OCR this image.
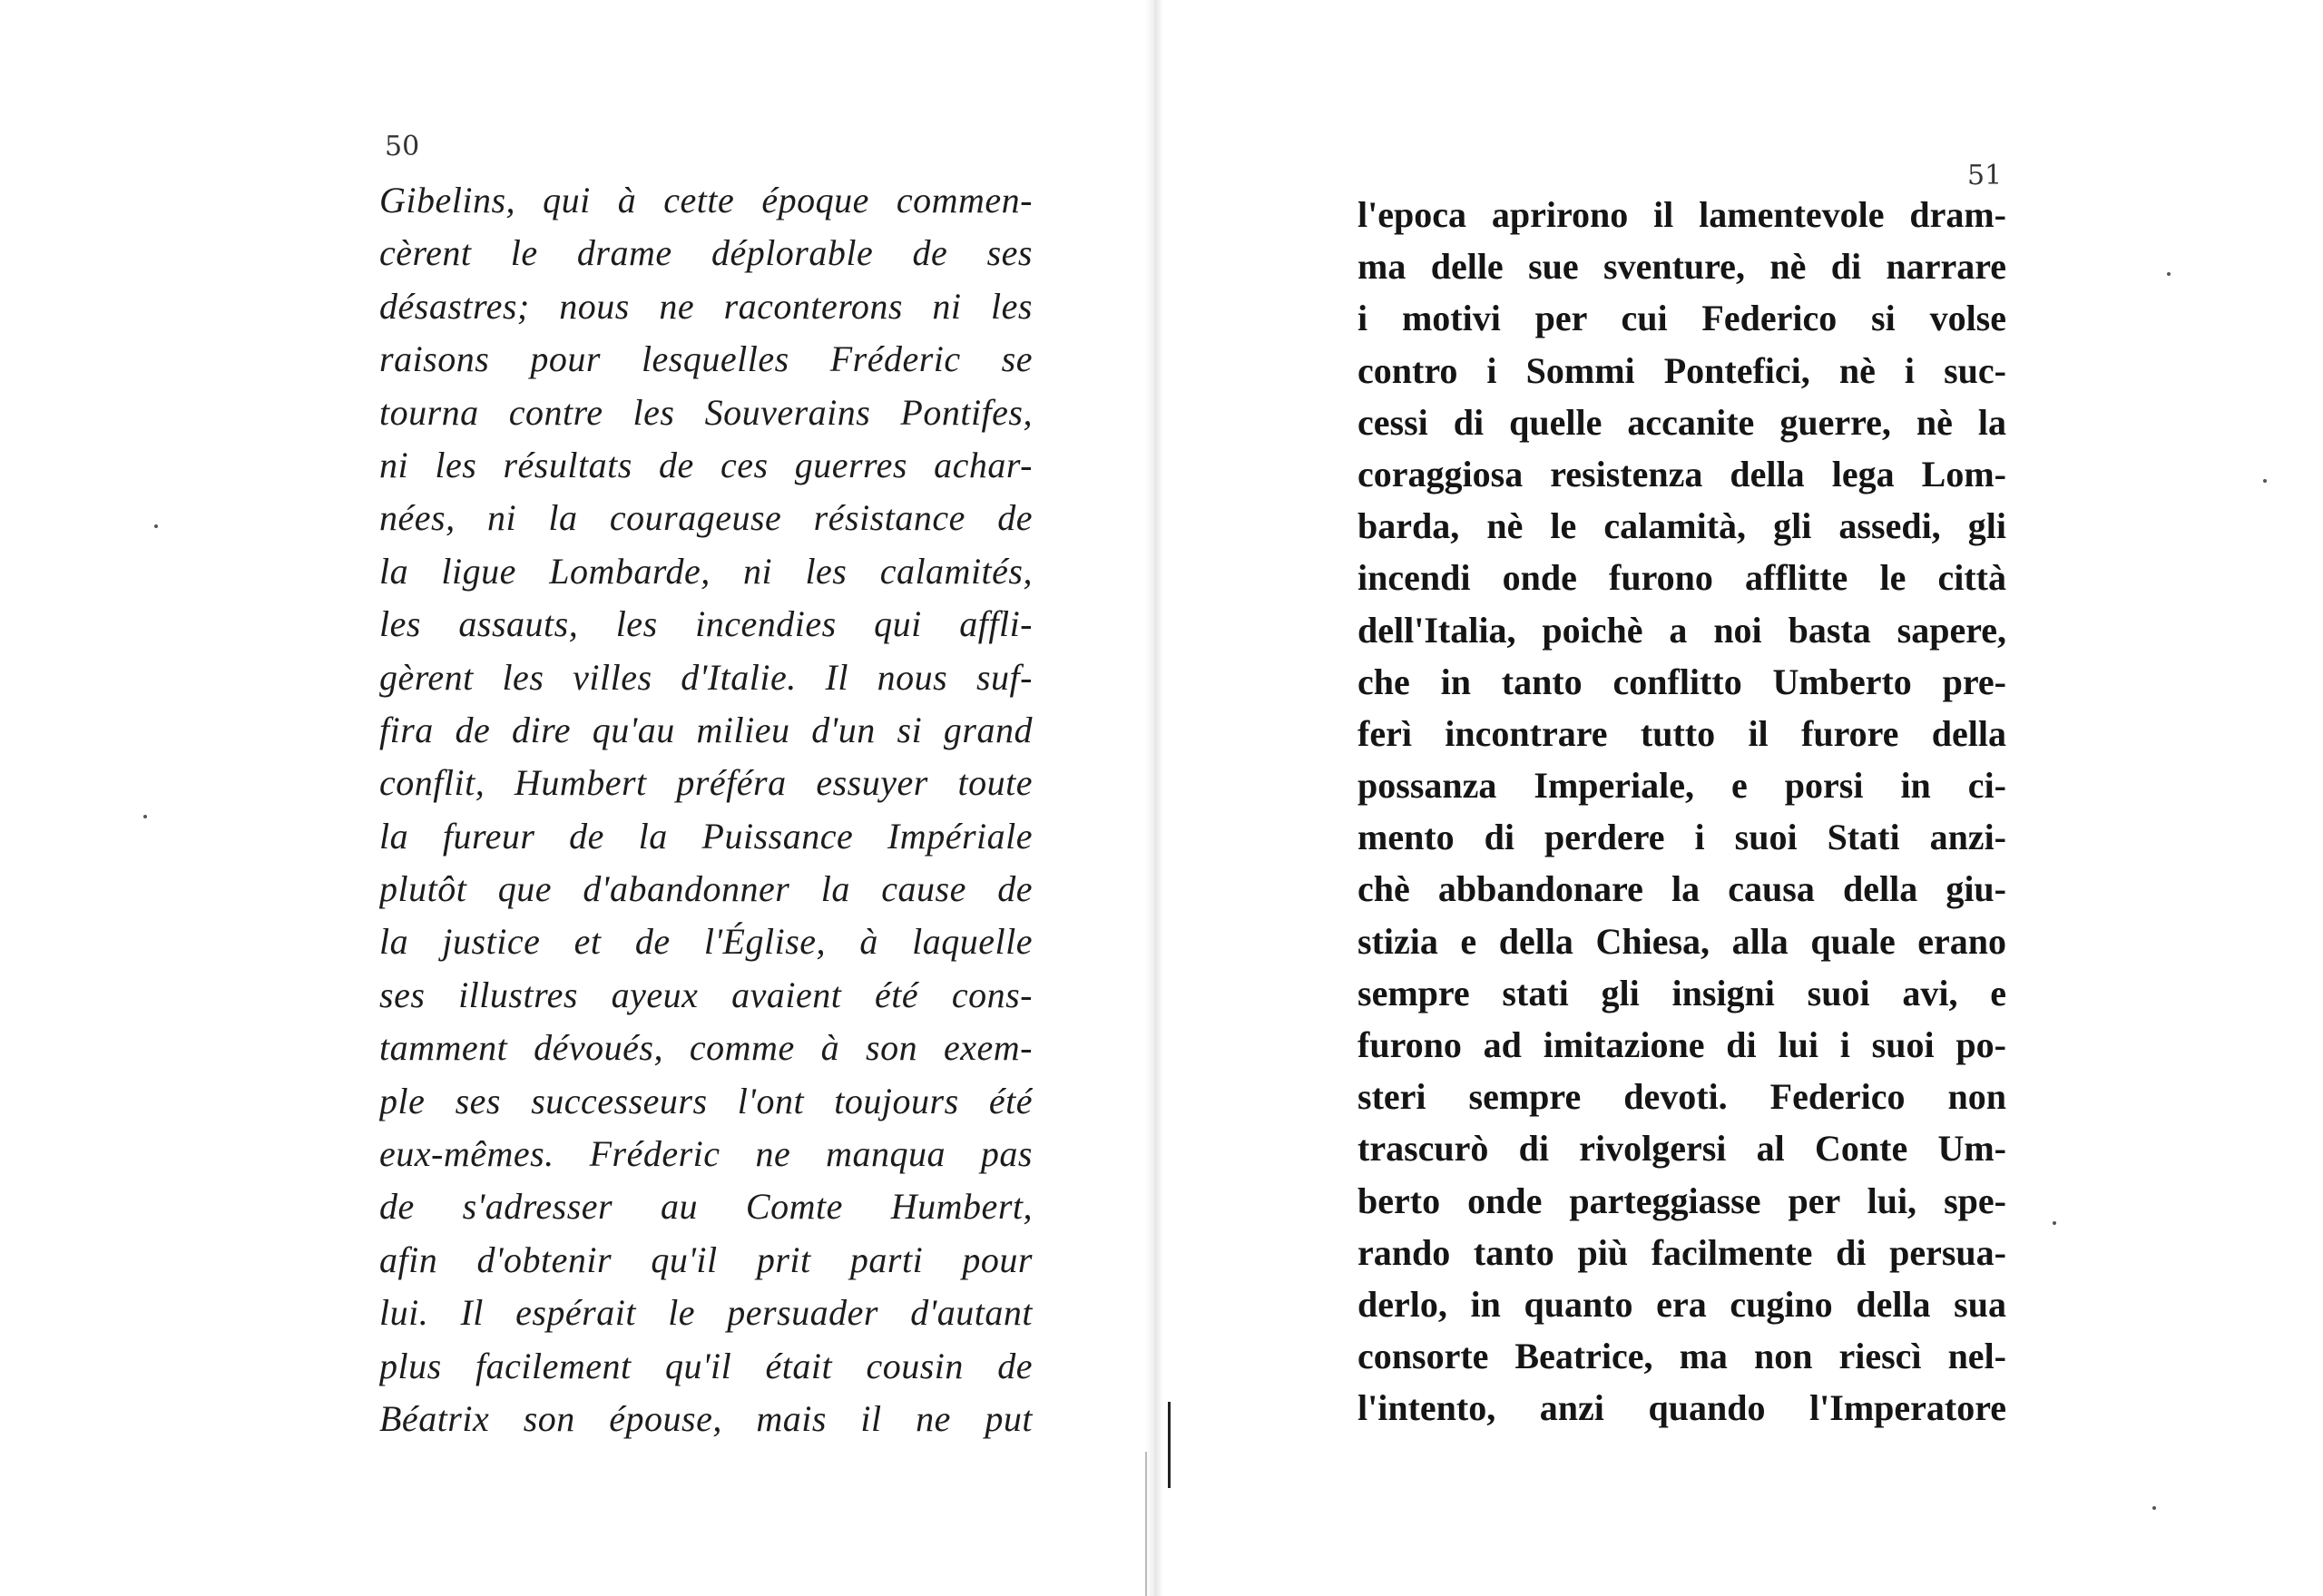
50
51
Gibelins, qui à cette époque commen-
cèrent le drame déplorable de ses
désastres; nous ne raconterons ni les
raisons pour lesquelles Fréderic se
tourna contre les Souverains Pontifes,
ni les résultats de ces guerres achar-
nées, ni la courageuse résistance de
la ligue Lombarde, ni les calamités,
les assauts, les incendies qui affli-
gèrent les villes d'Italie. Il nous suf-
fira de dire qu'au milieu d'un si grand
conflit, Humbert préféra essuyer toute
la fureur de la Puissance Impériale
plutôt que d'abandonner la cause de
la justice et de l'Église, à laquelle
ses illustres ayeux avaient été cons-
tamment dévoués, comme à son exem-
ple ses successeurs l'ont toujours été
eux-mêmes. Fréderic ne manqua pas
de s'adresser au Comte Humbert,
afin d'obtenir qu'il prit parti pour
lui. Il espérait le persuader d'autant
plus facilement qu'il était cousin de
Béatrix son épouse, mais il ne put
l'epoca aprirono il lamentevole dram-
ma delle sue sventure, nè di narrare
i motivi per cui Federico si volse
contro i Sommi Pontefici, nè i suc-
cessi di quelle accanite guerre, nè la
coraggiosa resistenza della lega Lom-
barda, nè le calamità, gli assedi, gli
incendi onde furono afflitte le città
dell'Italia, poichè a noi basta sapere,
che in tanto conflitto Umberto pre-
ferì incontrare tutto il furore della
possanza Imperiale, e porsi in ci-
mento di perdere i suoi Stati anzi-
chè abbandonare la causa della giu-
stizia e della Chiesa, alla quale erano
sempre stati gli insigni suoi avi, e
furono ad imitazione di lui i suoi po-
steri sempre devoti. Federico non
trascurò di rivolgersi al Conte Um-
berto onde parteggiasse per lui, spe-
rando tanto più facilmente di persua-
derlo, in quanto era cugino della sua
consorte Beatrice, ma non riescì nel-
l'intento, anzi quando l'Imperatore
